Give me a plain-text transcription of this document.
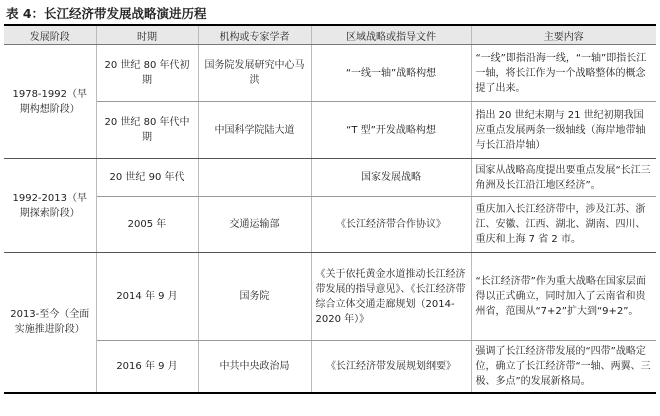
表 4：长江经济带发展战略演进历程
发展阶段	时期	机构或专家学者	区域战略或指导文件	主要内容
1978-1992（早期构想阶段）	20 世纪 80 年代初期	国务院发展研究中心马洪	“一线一轴”战略构想	“一线”即指沿海一线，“一轴”即指长江一轴，将长江作为一个战略整体的概念提了出来。
	20 世纪 80 年代中期	中国科学院陆大道	“T 型”开发战略构想	指出 20 世纪末期与 21 世纪初期我国应重点发展两条一级轴线（海岸地带轴与长江沿岸轴）
1992-2013（早期探索阶段）	20 世纪 90 年代		国家发展战略	国家从战略高度提出要重点发展“长江三角洲及长江沿江地区经济”。
	2005 年	交通运输部	《长江经济带合作协议》	重庆加入长江经济带中，涉及江苏、浙江、安徽、江西、湖北、湖南、四川、重庆和上海 7 省 2 市。
2013-至今（全面实施推进阶段）	2014 年 9 月	国务院	《关于依托黄金水道推动长江经济带发展的指导意见》、《长江经济带综合立体交通走廊规划（2014-2020 年）》	“长江经济带”作为重大战略在国家层面得以正式确立，同时加入了云南省和贵州省，范围从“7+2”扩大到“9+2”。
	2016 年 9 月	中共中央政治局	《长江经济带发展规划纲要》	强调了长江经济带发展的“四带”战略定位，确立了长江经济带“一轴、两翼、三极、多点”的发展新格局。
